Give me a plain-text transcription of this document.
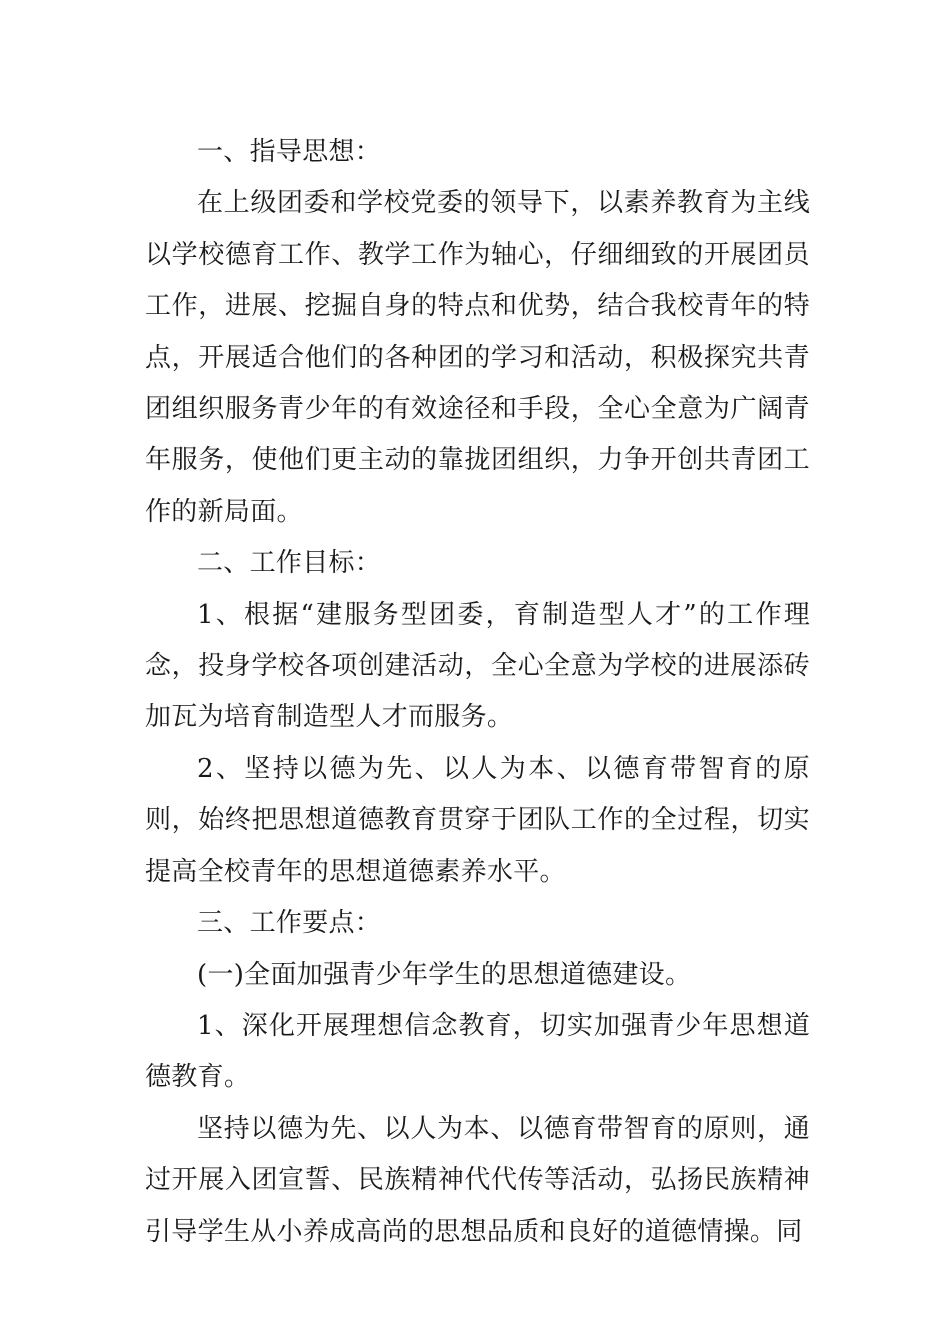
一、指导思想：

在上级团委和学校党委的领导下，以素养教育为主线以学校德育工作、教学工作为轴心，仔细细致的开展团员工作，进展、挖掘自身的特点和优势，结合我校青年的特点，开展适合他们的各种团的学习和活动，积极探究共青团组织服务青少年的有效途径和手段，全心全意为广阔青年服务，使他们更主动的靠拢团组织，力争开创共青团工作的新局面。

二、工作目标：

1、根据“建服务型团委，育制造型人才”的工作理念，投身学校各项创建活动，全心全意为学校的进展添砖加瓦为培育制造型人才而服务。

2、坚持以德为先、以人为本、以德育带智育的原则，始终把思想道德教育贯穿于团队工作的全过程，切实提高全校青年的思想道德素养水平。

三、工作要点：

(一)全面加强青少年学生的思想道德建设。

1、深化开展理想信念教育，切实加强青少年思想道德教育。

坚持以德为先、以人为本、以德育带智育的原则，通过开展入团宣誓、民族精神代代传等活动，弘扬民族精神引导学生从小养成高尚的思想品质和良好的道德情操。同
